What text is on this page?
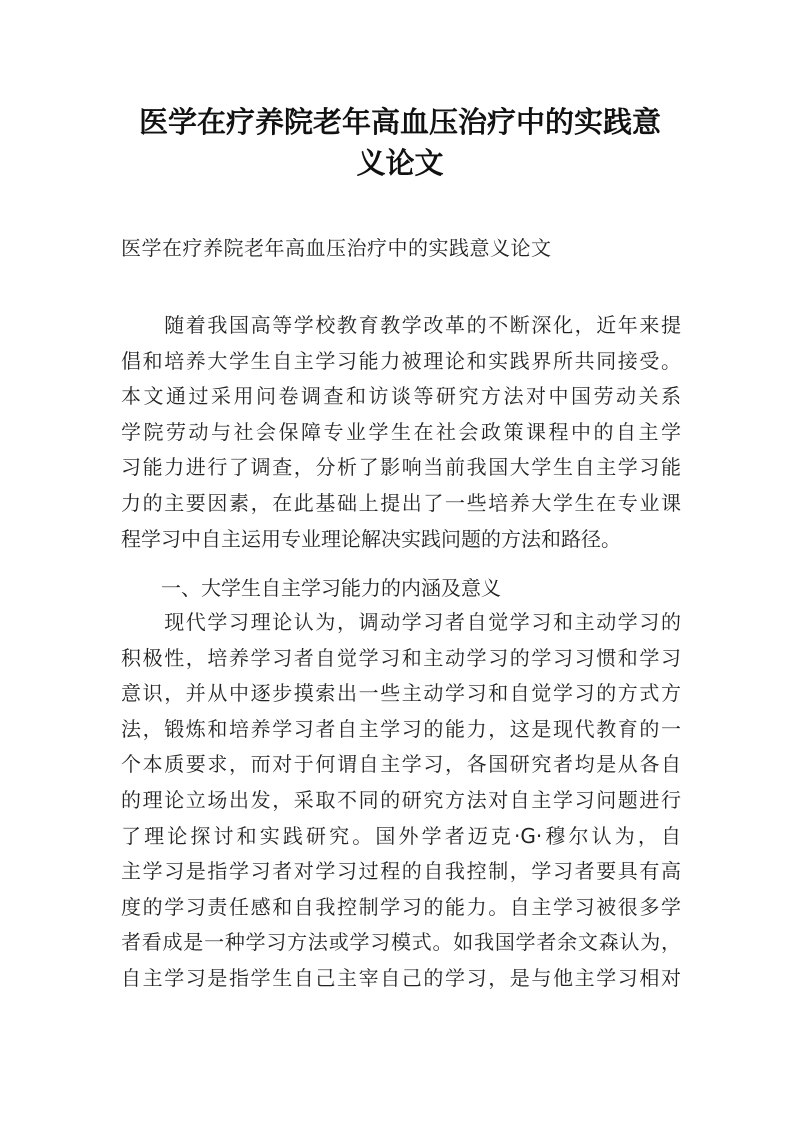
医学在疗养院老年高血压治疗中的实践意
义论文

医学在疗养院老年高血压治疗中的实践意义论文

　　随着我国高等学校教育教学改革的不断深化，近年来提
倡和培养大学生自主学习能力被理论和实践界所共同接受。
本文通过采用问卷调查和访谈等研究方法对中国劳动关系
学院劳动与社会保障专业学生在社会政策课程中的自主学
习能力进行了调查，分析了影响当前我国大学生自主学习能
力的主要因素，在此基础上提出了一些培养大学生在专业课
程学习中自主运用专业理论解决实践问题的方法和路径。
　　一、大学生自主学习能力的内涵及意义
　　现代学习理论认为，调动学习者自觉学习和主动学习的
积极性，培养学习者自觉学习和主动学习的学习习惯和学习
意识，并从中逐步摸索出一些主动学习和自觉学习的方式方
法，锻炼和培养学习者自主学习的能力，这是现代教育的一
个本质要求，而对于何谓自主学习，各国研究者均是从各自
的理论立场出发，采取不同的研究方法对自主学习问题进行
了理论探讨和实践研究。国外学者迈克·G·穆尔认为，自
主学习是指学习者对学习过程的自我控制，学习者要具有高
度的学习责任感和自我控制学习的能力。自主学习被很多学
者看成是一种学习方法或学习模式。如我国学者余文森认为，
自主学习是指学生自己主宰自己的学习，是与他主学习相对
